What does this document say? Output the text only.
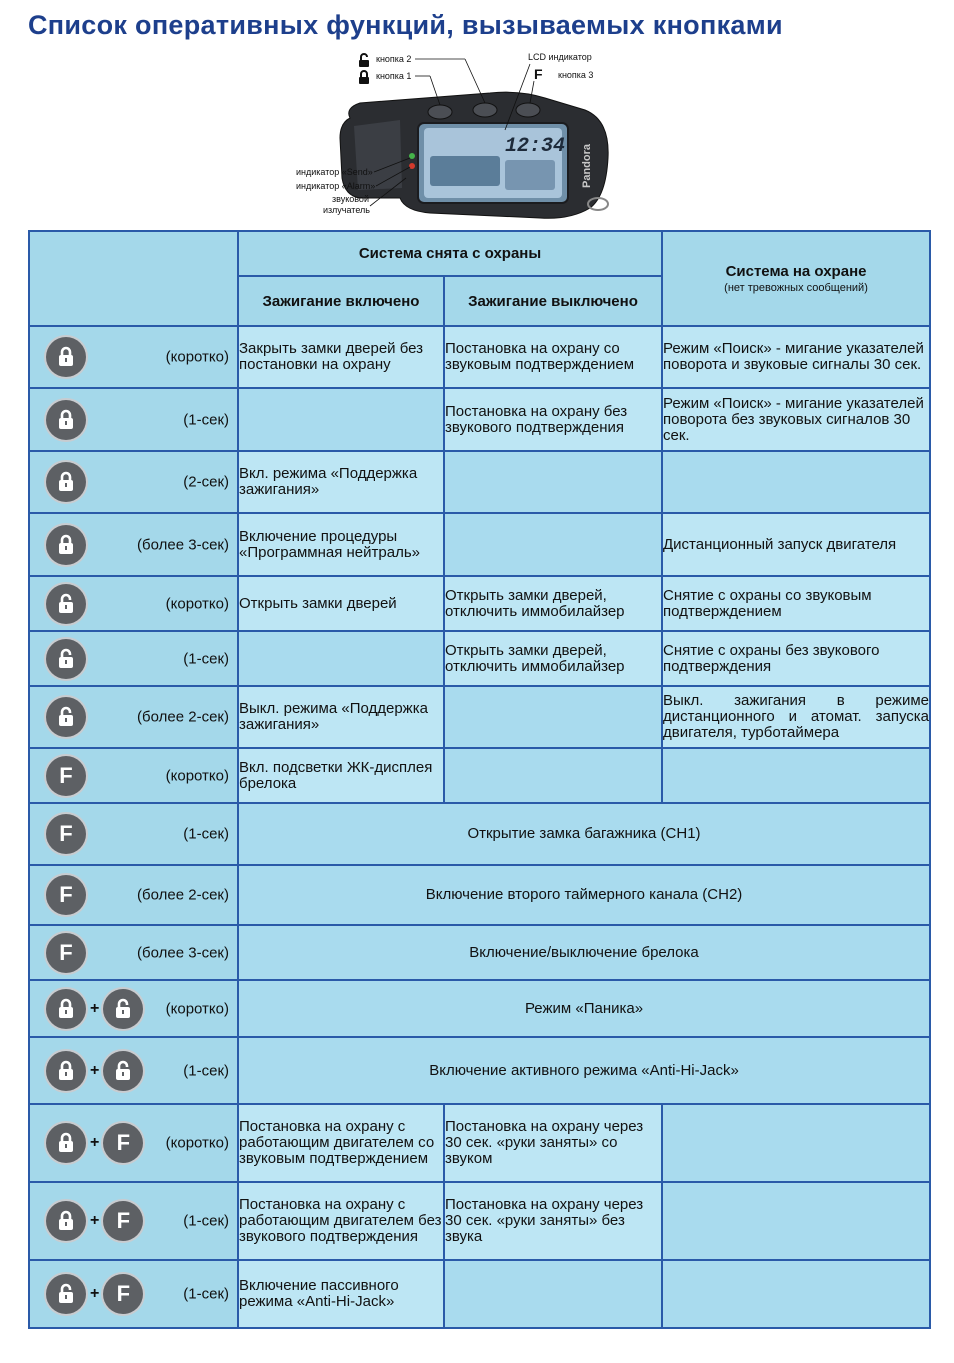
Список оперативных функций, вызываемых кнопками
12:34 Pandora
кнопка 2
кнопка 1
LCD индикатор
F кнопка 3
индикатор «Send»
индикатор «Alarm»
звуковой
излучатель
	Система снята с охраны		Система на охране
(нет тревожных сообщений)

	Зажигание включено	Зажигание выключено	

(коротко)	Закрыть замки дверей без постановки на охрану	Постановка на охрану со звуковым подтверждением	Режим «Поиск» - мигание указателей поворота и звуковые сигналы 30 сек.

(1-сек)		Постановка на охрану без звукового подтверждения	Режим «Поиск» - мигание указателей поворота без звуковых сигналов 30 сек.

(2-сек)	Вкл. режима «Поддержка зажигания»		

(более 3-сек)	Включение процедуры «Программная нейтраль»		Дистанционный запуск двигателя

(коротко)	Открыть замки дверей	Открыть замки дверей, отключить иммобилайзер	Снятие с охраны со звуковым подтверждением

(1-сек)		Открыть замки дверей, отключить иммобилайзер	Снятие с охраны без звукового подтверждения

(более 2-сек)	Выкл. режима «Поддержка зажигания»		Выкл. зажигания в режиме дистанционного и атомат. запуска двигателя, турботаймера

F (коротко)	Вкл. подсветки ЖК-дисплея брелока		

F (1-сек)	Открытие замка багажника (CH1)		

F (более 2-сек)	Включение второго таймерного канала (CH2)		

F (более 3-сек)	Включение/выключение брелока		

+ (коротко)	Режим «Паника»		

+ (1-сек)	Включение активного режима «Anti-Hi-Jack»		

+ F (коротко)	Постановка на охрану с работающим двигателем со звуковым подтверждением	Постановка на охрану через 30 сек. «руки заняты» со звуком	

+ F (1-сек)	Постановка на охрану с работающим двигателем без звукового подтверждения	Постановка на охрану через 30 сек. «руки заняты» без звука	

+ F (1-сек)	Включение пассивного режима «Anti-Hi-Jack»		
